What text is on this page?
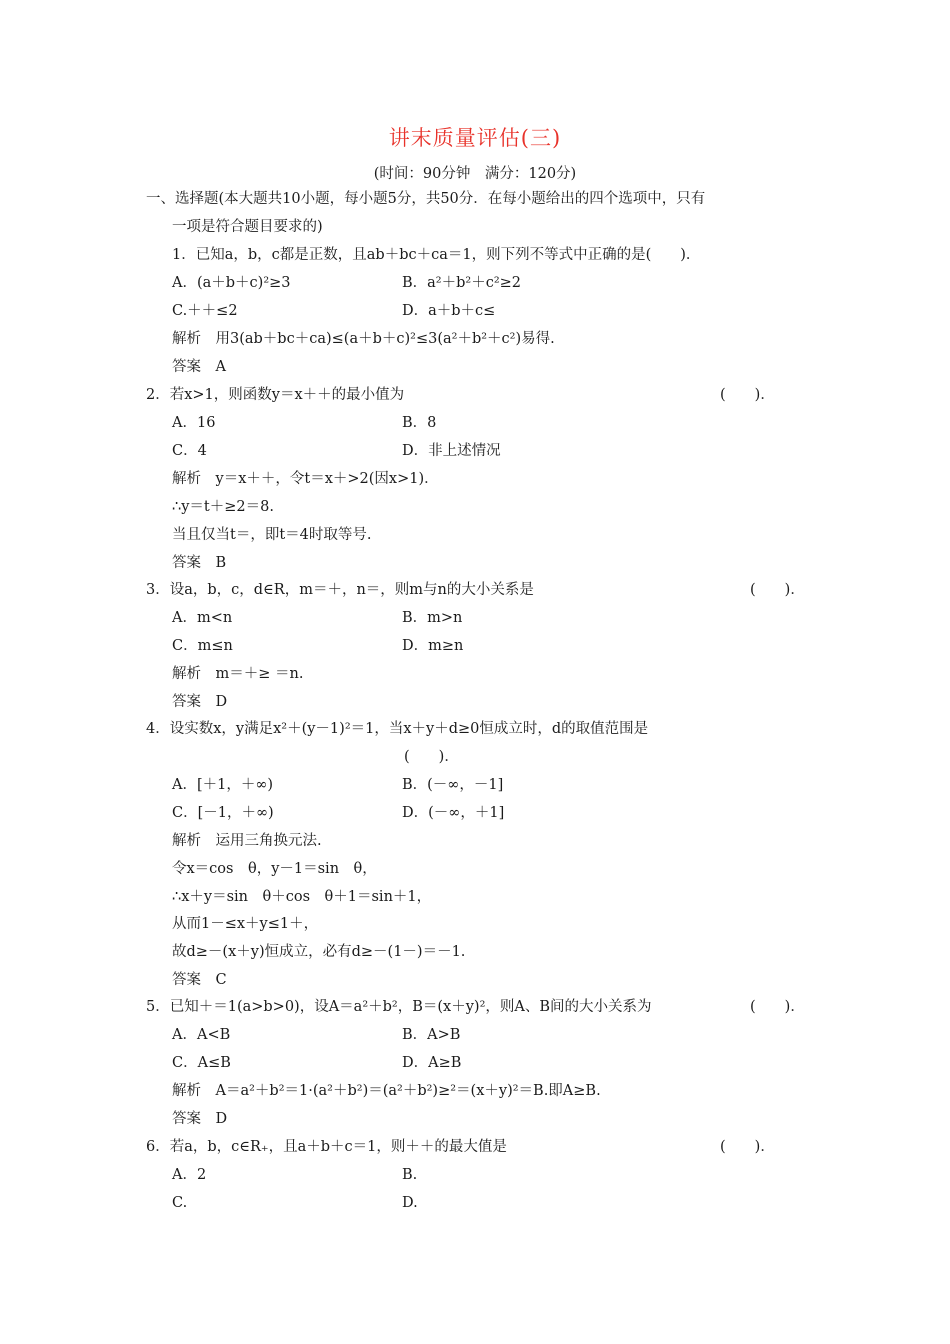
讲末质量评估(三)
(时间：90分钟　满分：120分)
一、选择题(本大题共10小题，每小题5分，共50分．在每小题给出的四个选项中，只有
一项是符合题目要求的)
1．已知a，b，c都是正数，且ab＋bc＋ca＝1，则下列不等式中正确的是(　　)．
A．(a＋b＋c)²≥3	B．a²＋b²＋c²≥2
C.＋＋≤2	D．a＋b＋c≤
解析　用3(ab＋bc＋ca)≤(a＋b＋c)²≤3(a²＋b²＋c²)易得.
答案　A
2．若x>1，则函数y＝x＋＋的最小值为	(　　)．
A．16	B．8
C．4	D．非上述情况
解析　y＝x＋＋，令t＝x＋>2(因x>1)．
∴y＝t＋≥2＝8.
当且仅当t＝，即t＝4时取等号.
答案　B
3．设a，b，c，d∈R，m＝＋，n＝，则m与n的大小关系是	(　　)．
A．m<n	B．m>n
C．m≤n	D．m≥n
解析　m＝＋≥ ＝n.
答案　D
4．设实数x，y满足x²＋(y－1)²＝1，当x＋y＋d≥0恒成立时，d的取值范围是
(　　)．
A．[＋1，＋∞)	B．(－∞，－1]
C．[－1，＋∞)	D．(－∞，＋1]
解析　运用三角换元法.
令x＝cos　θ，y－1＝sin　θ，
∴x＋y＝sin　θ＋cos　θ＋1＝sin＋1，
从而1－≤x＋y≤1＋，
故d≥－(x＋y)恒成立，必有d≥－(1－)＝－1.
答案　C
5．已知＋＝1(a>b>0)，设A＝a²＋b²，B＝(x＋y)²，则A、B间的大小关系为	(　　)．
A．A<B	B．A>B
C．A≤B	D．A≥B
解析　A＝a²＋b²＝1·(a²＋b²)＝(a²＋b²)≥²＝(x＋y)²＝B.即A≥B.
答案　D
6．若a，b，c∈R₊，且a＋b＋c＝1，则＋＋的最大值是	(　　)．
A．2	B.
C.	D.
